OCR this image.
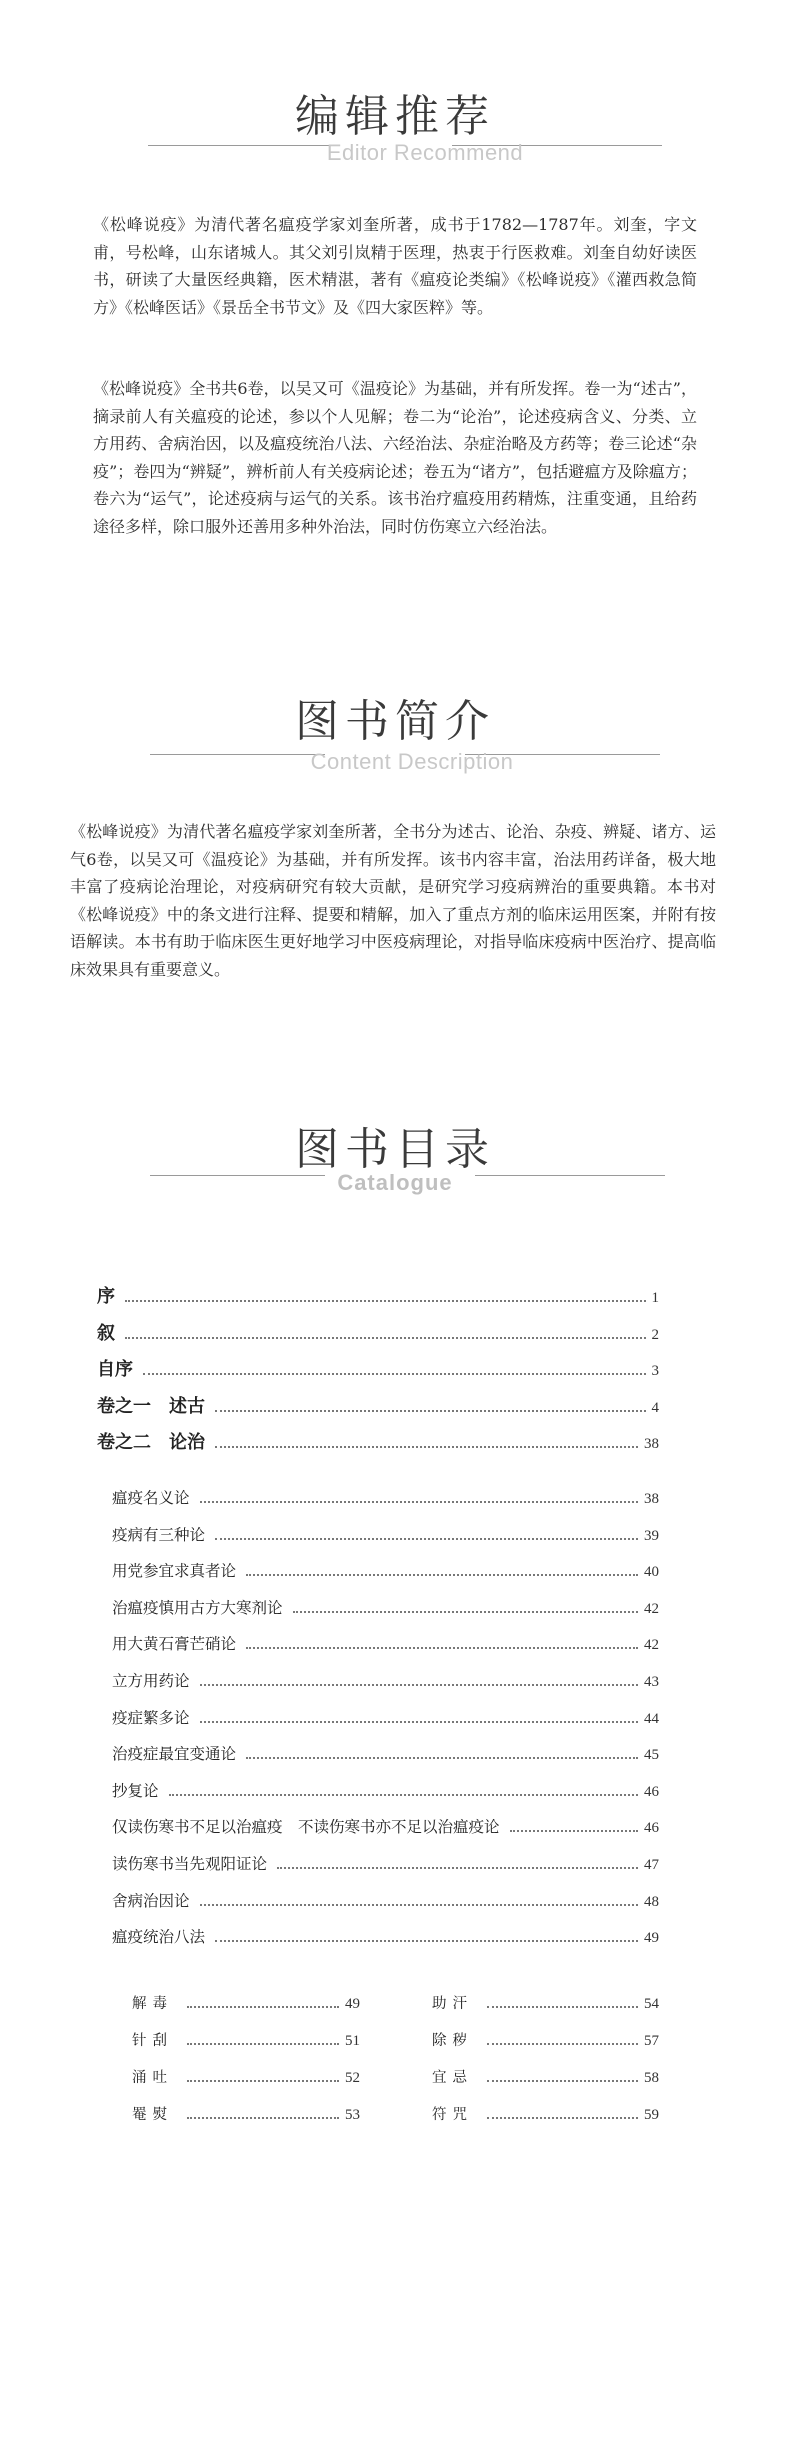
编辑推荐
Editor Recommend

《松峰说疫》为清代著名瘟疫学家刘奎所著，成书于1782—1787年。刘奎，字文甫，号松峰，山东诸城人。其父刘引岚精于医理，热衷于行医救难。刘奎自幼好读医书，研读了大量医经典籍，医术精湛，著有《瘟疫论类编》《松峰说疫》《灌西救急简方》《松峰医话》《景岳全书节文》及《四大家医粹》等。

《松峰说疫》全书共6卷，以吴又可《温疫论》为基础，并有所发挥。卷一为“述古”，摘录前人有关瘟疫的论述，参以个人见解；卷二为“论治”，论述疫病含义、分类、立方用药、舍病治因，以及瘟疫统治八法、六经治法、杂症治略及方药等；卷三论述“杂疫”；卷四为“辨疑”，辨析前人有关疫病论述；卷五为“诸方”，包括避瘟方及除瘟方；卷六为“运气”，论述疫病与运气的关系。该书治疗瘟疫用药精炼，注重变通，且给药途径多样，除口服外还善用多种外治法，同时仿伤寒立六经治法。

图书简介
Content Description

《松峰说疫》为清代著名瘟疫学家刘奎所著，全书分为述古、论治、杂疫、辨疑、诸方、运气6卷，以吴又可《温疫论》为基础，并有所发挥。该书内容丰富，治法用药详备，极大地丰富了疫病论治理论，对疫病研究有较大贡献，是研究学习疫病辨治的重要典籍。本书对《松峰说疫》中的条文进行注释、提要和精解，加入了重点方剂的临床运用医案，并附有按语解读。本书有助于临床医生更好地学习中医疫病理论，对指导临床疫病中医治疗、提高临床效果具有重要意义。

图书目录
Catalogue
序	1
叙	2
自序	3
卷之一　述古	4
卷之二　论治	38
瘟疫名义论	38
疫病有三种论	39
用党参宜求真者论	40
治瘟疫慎用古方大寒剂论	42
用大黄石膏芒硝论	42
立方用药论	43
疫症繁多论	44
治疫症最宜变通论	45
抄复论	46
仅读伤寒书不足以治瘟疫　不读伤寒书亦不足以治瘟疫论	46
读伤寒书当先观阳证论	47
舍病治因论	48
瘟疫统治八法	49
解毒	49
针刮	51
涌吐	52
罨熨	53
助汗	54
除秽	57
宜忌	58
符咒	59
